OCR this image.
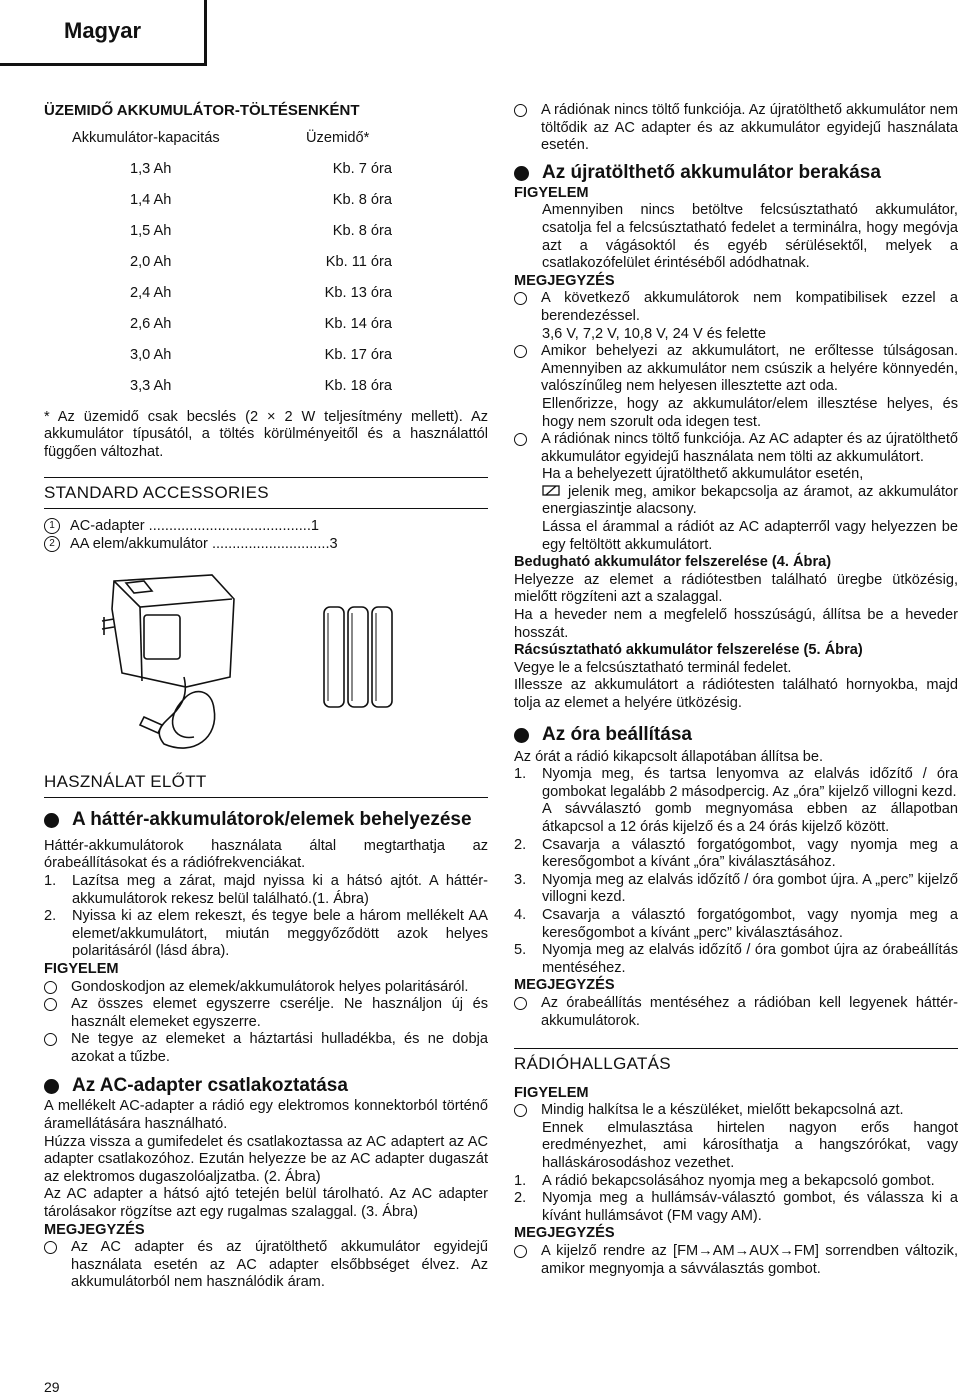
Magyar
ÜZEMIDŐ AKKUMULÁTOR-TÖLTÉSENKÉNT
Akkumulátor-kapacitás	Üzemidő*
1,3 Ah	Kb. 7 óra
1,4 Ah	Kb. 8 óra
1,5 Ah	Kb. 8 óra
2,0 Ah	Kb. 11 óra
2,4 Ah	Kb. 13 óra
2,6 Ah	Kb. 14 óra
3,0 Ah	Kb. 17 óra
3,3 Ah	Kb. 18 óra

* Az üzemidő csak becslés (2 × 2 W teljesítmény mellett). Az akkumulátor típusától, a töltés körülményeitől és a használattól függően változhat.

STANDARD ACCESSORIES
1	AC-adapter ........................................1
2	AA elem/akkumulátor .............................3
HASZNÁLAT ELŐTT
A háttér-akkumulátorok/elemek behelyezése

Háttér-akkumulátorok használata által megtarthatja az órabeállításokat és a rádiófrekvenciákat.

1. Lazítsa meg a zárat, majd nyissa ki a hátsó ajtót. A háttér-akkumulátorok rekesz belül található.(1. Ábra)
2. Nyissa ki az elem rekeszt, és tegye bele a három mellékelt AA elemet/akkumulátort, miután meggyőződött azok helyes polaritásáról (lásd ábra).
FIGYELEM
Gondoskodjon az elemek/akkumulátorok helyes polaritásáról.
Az összes elemet egyszerre cserélje. Ne használjon új és használt elemeket egyszerre.
Ne tegye az elemeket a háztartási hulladékba, és ne dobja azokat a tűzbe.
Az AC-adapter csatlakoztatása

A mellékelt AC-adapter a rádió egy elektromos konnektorból történő áramellátására használható.

Húzza vissza a gumifedelet és csatlakoztassa az AC adaptert az AC adapter csatlakozóhoz. Ezután helyezze be az AC adapter dugaszát az elektromos dugaszolóaljzatba. (2. Ábra)

Az AC adapter a hátsó ajtó tetején belül tárolható. Az AC adapter tárolásakor rögzítse azt egy rugalmas szalaggal. (3. Ábra)

MEGJEGYZÉS
Az AC adapter és az újratölthető akkumulátor egyidejű használata esetén az AC adapter elsőbbséget élvez. Az akkumulátorból nem használódik áram.
A rádiónak nincs töltő funkciója. Az újratölthető akkumulátor nem töltődik az AC adapter és az akkumulátor egyidejű használata esetén.
Az újratölthető akkumulátor berakása
FIGYELEM
Amennyiben nincs betöltve felcsúsztatható akkumulátor, csatolja fel a felcsúsztatható fedelet a terminálra, hogy megóvja azt a vágásoktól és egyéb sérülésektől, melyek a csatlakozófelület érintéséből adódhatnak.
MEGJEGYZÉS
A következő akkumulátorok nem kompatibilisek ezzel a berendezéssel.
3,6 V, 7,2 V, 10,8 V, 24 V és felette
Amikor behelyezi az akkumulátort, ne erőltesse túlságosan. Amennyiben az akkumulátor nem csúszik a helyére könnyedén, valószínűleg nem helyesen illesztette azt oda.
Ellenőrizze, hogy az akkumulátor/elem illesztése helyes, és hogy nem szorult oda idegen test.
A rádiónak nincs töltő funkciója. Az AC adapter és az újratölthető akkumulátor egyidejű használata nem tölti az akkumulátort.
Ha a behelyezett újratölthető akkumulátor esetén,
jelenik meg, amikor bekapcsolja az áramot, az akkumulátor energiaszintje alacsony.
Lássa el árammal a rádiót az AC adapterről vagy helyezzen be egy feltöltött akkumulátort.
Bedugható akkumulátor felszerelése (4. Ábra)

Helyezze az elemet a rádiótestben található üregbe ütközésig, mielőtt rögzíteni azt a szalaggal.

Ha a heveder nem a megfelelő hosszúságú, állítsa be a heveder hosszát.

Rácsúsztatható akkumulátor felszerelése (5. Ábra)

Vegye le a felcsúsztatható terminál fedelet.

Illessze az akkumulátort a rádiótesten található hornyokba, majd tolja az elemet a helyére ütközésig.

Az óra beállítása

Az órát a rádió kikapcsolt állapotában állítsa be.

1. Nyomja meg, és tartsa lenyomva az elalvás időzítő / óra gombokat legalább 2 másodpercig. Az „óra” kijelző villogni kezd.
A sávválasztó gomb megnyomása ebben az állapotban átkapcsol a 12 órás kijelző és a 24 órás kijelző között.
2. Csavarja a választó forgatógombot, vagy nyomja meg a keresőgombot a kívánt „óra” kiválasztásához.
3. Nyomja meg az elalvás időzítő / óra gombot újra. A „perc” kijelző villogni kezd.
4. Csavarja a választó forgatógombot, vagy nyomja meg a keresőgombot a kívánt „perc” kiválasztásához.
5. Nyomja meg az elalvás időzítő / óra gombot újra az órabeállítás mentéséhez.
MEGJEGYZÉS
Az órabeállítás mentéséhez a rádióban kell legyenek háttér-akkumulátorok.
RÁDIÓHALLGATÁS
FIGYELEM
Mindig halkítsa le a készüléket, mielőtt bekapcsolná azt.
Ennek elmulasztása hirtelen nagyon erős hangot eredményezhet, ami károsíthatja a hangszórókat, vagy halláskárosodáshoz vezethet.
1. A rádió bekapcsolásához nyomja meg a bekapcsoló gombot.
2. Nyomja meg a hullámsáv-választó gombot, és válassza ki a kívánt hullámsávot (FM vagy AM).
MEGJEGYZÉS
A kijelző rendre az [FM→AM→AUX→FM] sorrendben változik, amikor megnyomja a sávválasztás gombot.
29
